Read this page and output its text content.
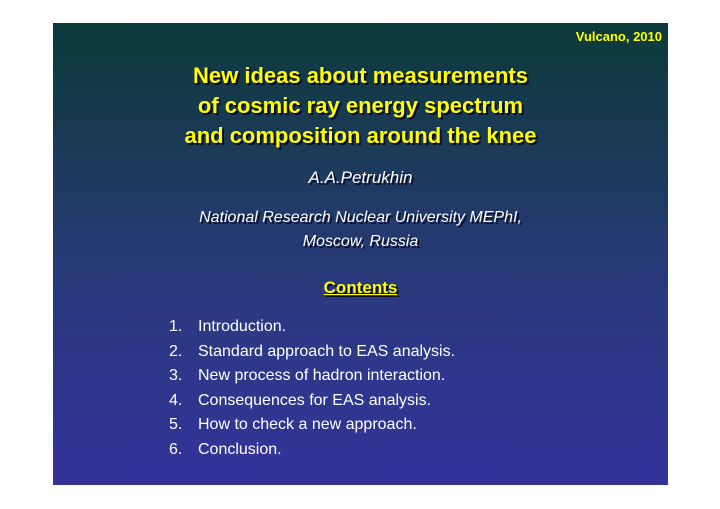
Vulcano, 2010
New ideas about measurements
of cosmic ray energy spectrum
and composition around the knee
A.A.Petrukhin
National Research Nuclear University MEPhI,
Moscow, Russia
Contents
1. Introduction.
2. Standard approach to EAS analysis.
3. New process of hadron interaction.
4. Consequences for EAS analysis.
5. How to check a new approach.
6. Conclusion.
